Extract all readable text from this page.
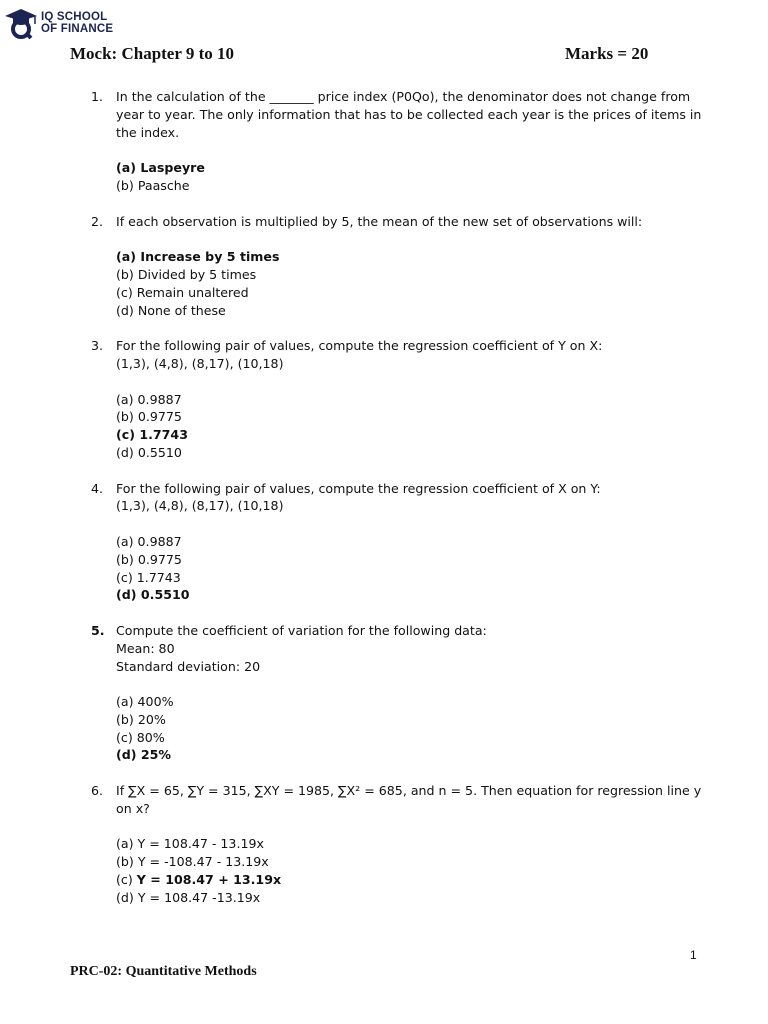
IQ SCHOOL
OF FINANCE
Mock: Chapter 9 to 10	Marks = 20
1. In the calculation of the _______ price index (P0Qo), the denominator does not change from year to year. The only information that has to be collected each year is the prices of items in the index.
(a) Laspeyre
(b) Paasche
2. If each observation is multiplied by 5, the mean of the new set of observations will:
(a) Increase by 5 times
(b) Divided by 5 times
(c) Remain unaltered
(d) None of these
3. For the following pair of values, compute the regression coefficient of Y on X:
(1,3), (4,8), (8,17), (10,18)
(a) 0.9887
(b) 0.9775
(c) 1.7743
(d) 0.5510
4. For the following pair of values, compute the regression coefficient of X on Y:
(1,3), (4,8), (8,17), (10,18)
(a) 0.9887
(b) 0.9775
(c) 1.7743
(d) 0.5510
5. Compute the coefficient of variation for the following data:
Mean: 80
Standard deviation: 20
(a) 400%
(b) 20%
(c) 80%
(d) 25%
6. If ∑X = 65, ∑Y = 315, ∑XY = 1985, ∑X² = 685, and n = 5. Then equation for regression line y on x?
(a) Y = 108.47 - 13.19x
(b) Y = -108.47 - 13.19x
(c) Y = 108.47 + 13.19x
(d) Y = 108.47 -13.19x
1
PRC-02: Quantitative Methods
